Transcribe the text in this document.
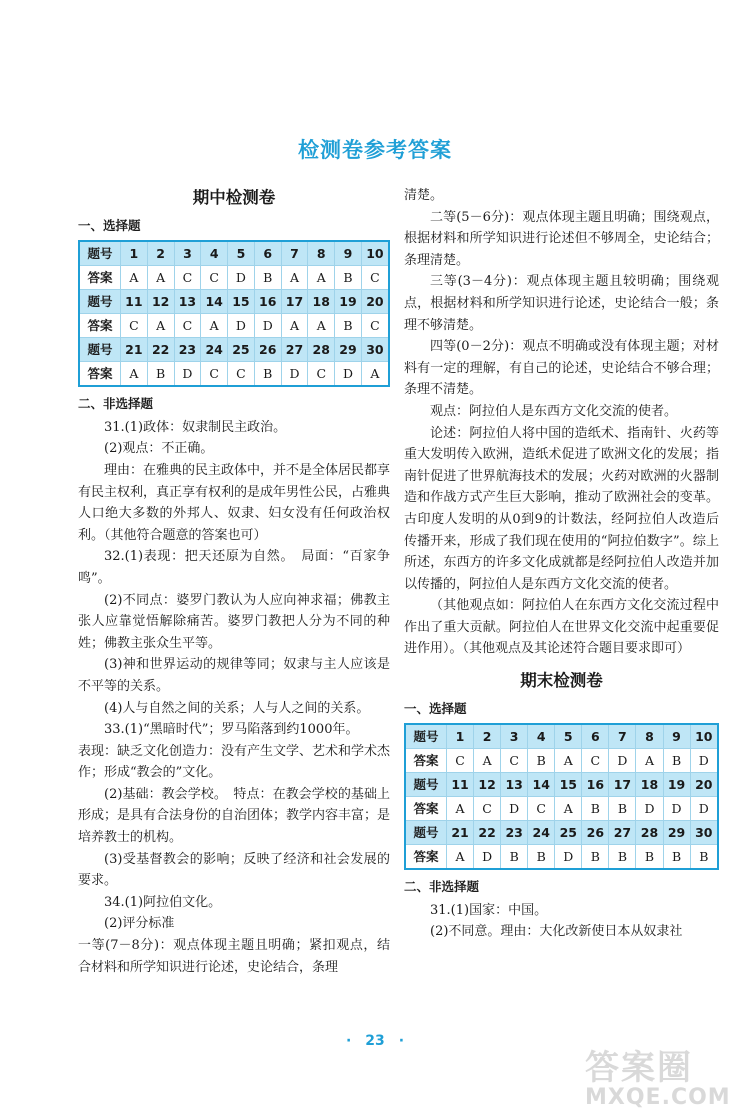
检测卷参考答案
期中检测卷
一、选择题
题号	1	2	3	4	5	6	7	8	9	10
答案	A	A	C	C	D	B	A	A	B	C
题号	11	12	13	14	15	16	17	18	19	20
答案	C	A	C	A	D	D	A	A	B	C
题号	21	22	23	24	25	26	27	28	29	30
答案	A	B	D	C	C	B	D	C	D	A
二、非选择题

31.(1)政体：奴隶制民主政治。

(2)观点：不正确。

理由：在雅典的民主政体中，并不是全体居民都享有民主权利，真正享有权利的是成年男性公民，占雅典人口绝大多数的外邦人、奴隶、妇女没有任何政治权利。（其他符合题意的答案也可）

32.(1)表现：把天还原为自然。　局面：“百家争鸣”。

(2)不同点：婆罗门教认为人应向神求福；佛教主张人应靠觉悟解除痛苦。婆罗门教把人分为不同的种姓；佛教主张众生平等。

(3)神和世界运动的规律等同；奴隶与主人应该是不平等的关系。

(4)人与自然之间的关系；人与人之间的关系。

33.(1)“黑暗时代”；罗马陷落到约1000年。

表现：缺乏文化创造力：没有产生文学、艺术和学术杰作；形成“教会的”文化。

(2)基础：教会学校。　特点：在教会学校的基础上形成；是具有合法身份的自治团体；教学内容丰富；是培养教士的机构。

(3)受基督教会的影响；反映了经济和社会发展的要求。

34.(1)阿拉伯文化。

(2)评分标准

一等(7－8分)：观点体现主题且明确；紧扣观点，结合材料和所学知识进行论述，史论结合，条理

清楚。

二等(5－6分)：观点体现主题且明确；围绕观点，根据材料和所学知识进行论述但不够周全，史论结合；条理清楚。

三等(3－4分)：观点体现主题且较明确；围绕观点，根据材料和所学知识进行论述，史论结合一般；条理不够清楚。

四等(0－2分)：观点不明确或没有体现主题；对材料有一定的理解，有自己的论述，史论结合不够合理；条理不清楚。

观点：阿拉伯人是东西方文化交流的使者。

论述：阿拉伯人将中国的造纸术、指南针、火药等重大发明传入欧洲，造纸术促进了欧洲文化的发展；指南针促进了世界航海技术的发展；火药对欧洲的火器制造和作战方式产生巨大影响，推动了欧洲社会的变革。古印度人发明的从0到9的计数法，经阿拉伯人改造后传播开来，形成了我们现在使用的“阿拉伯数字”。综上所述，东西方的许多文化成就都是经阿拉伯人改造并加以传播的，阿拉伯人是东西方文化交流的使者。

（其他观点如：阿拉伯人在东西方文化交流过程中作出了重大贡献。阿拉伯人在世界文化交流中起重要促进作用）。（其他观点及其论述符合题目要求即可）

期末检测卷
一、选择题
题号	1	2	3	4	5	6	7	8	9	10
答案	C	A	C	B	A	C	D	A	B	D
题号	11	12	13	14	15	16	17	18	19	20
答案	A	C	D	C	A	B	B	D	D	D
题号	21	22	23	24	25	26	27	28	29	30
答案	A	D	B	B	D	B	B	B	B	B
二、非选择题

31.(1)国家：中国。

(2)不同意。理由：大化改新使日本从奴隶社

·　23　·
答案圈
MXQE.COM
